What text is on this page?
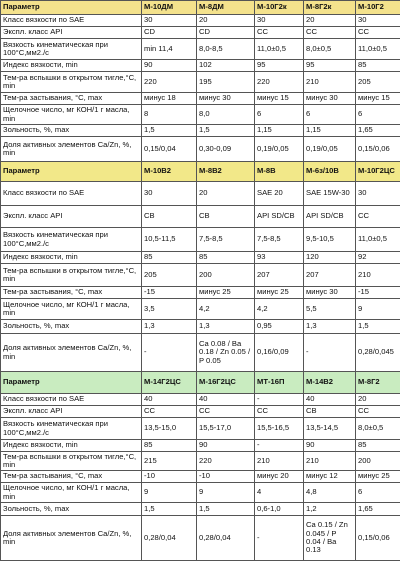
Параметр	М-10ДМ	М-8ДМ	М-10Г2к	М-8Г2к	М-10Г2
Класс вязкости по SAE	30	20	30	20	30
Экспл. класс API	CD	CD	CC	CC	CC
Вязкость кинематическая при 100°С,мм2./с	min 11,4	8,0-8,5	11,0±0,5	8,0±0,5	11,0±0,5
Индекс вязкости, min	90	102	95	95	85
Тем-ра вспышки в открытом тигле,°С, min	220	195	220	210	205
Тем-ра застывания, °С, max	минус 18	минус 30	минус 15	минус 30	минус 15
Щелочное число, мг КОН/1 г масла, min	8	8,0	6	6	6
Зольность, %, max	1,5	1,5	1,15	1,15	1,65
Доля активных элементов Ca/Zn, %, min	0,15/0,04	0,30-0,09	0,19/0,05	0,19/0,05	0,15/0,06
Параметр	М-10В2	М-8В2	М-8В	М-6з/10В	М-10Г2ЦС
Класс вязкости по SAE	30	20	SAE 20	SAE 15W-30	30
Экспл. класс API	CB	CB	API SD/CB	API SD/CB	CC
Вязкость кинематическая при 100°С,мм2./с	10,5-11,5	7,5-8,5	7,5-8,5	9,5-10,5	11,0±0,5
Индекс вязкости, min	85	85	93	120	92
Тем-ра вспышки в открытом тигле,°С, min	205	200	207	207	210
Тем-ра застывания, °С, max	-15	минус 25	минус 25	минус 30	-15
Щелочное число, мг КОН/1 г масла, min	3,5	4,2	4,2	5,5	9
Зольность, %, max	1,3	1,3	0,95	1,3	1,5
Доля активных элементов Ca/Zn, %, min	-	Ca 0.08 / Ba 0.18 / Zn 0.05 / P 0.05	0,16/0,09	-	0,28/0,045
Параметр	М-14Г2ЦС	М-16Г2ЦС	МТ-16П	М-14В2	М-8Г2
Класс вязкости по SAE	40	40	-	40	20
Экспл. класс API	CC	CC	CC	CB	CC
Вязкость кинематическая при 100°С,мм2./с	13,5-15,0	15,5-17,0	15,5-16,5	13,5-14,5	8,0±0,5
Индекс вязкости, min	85	90	-	90	85
Тем-ра вспышки в открытом тигле,°С, min	215	220	210	210	200
Тем-ра застывания, °С, max	-10	-10	минус 20	минус 12	минус 25
Щелочное число, мг КОН/1 г масла, min	9	9	4	4,8	6
Зольность, %, max	1,5	1,5	0,6-1,0	1,2	1,65
Доля активных элементов Ca/Zn, %, min	0,28/0,04	0,28/0,04	-	Ca 0.15 / Zn 0.045 / P 0.04 / Ba 0.13	0,15/0,06
